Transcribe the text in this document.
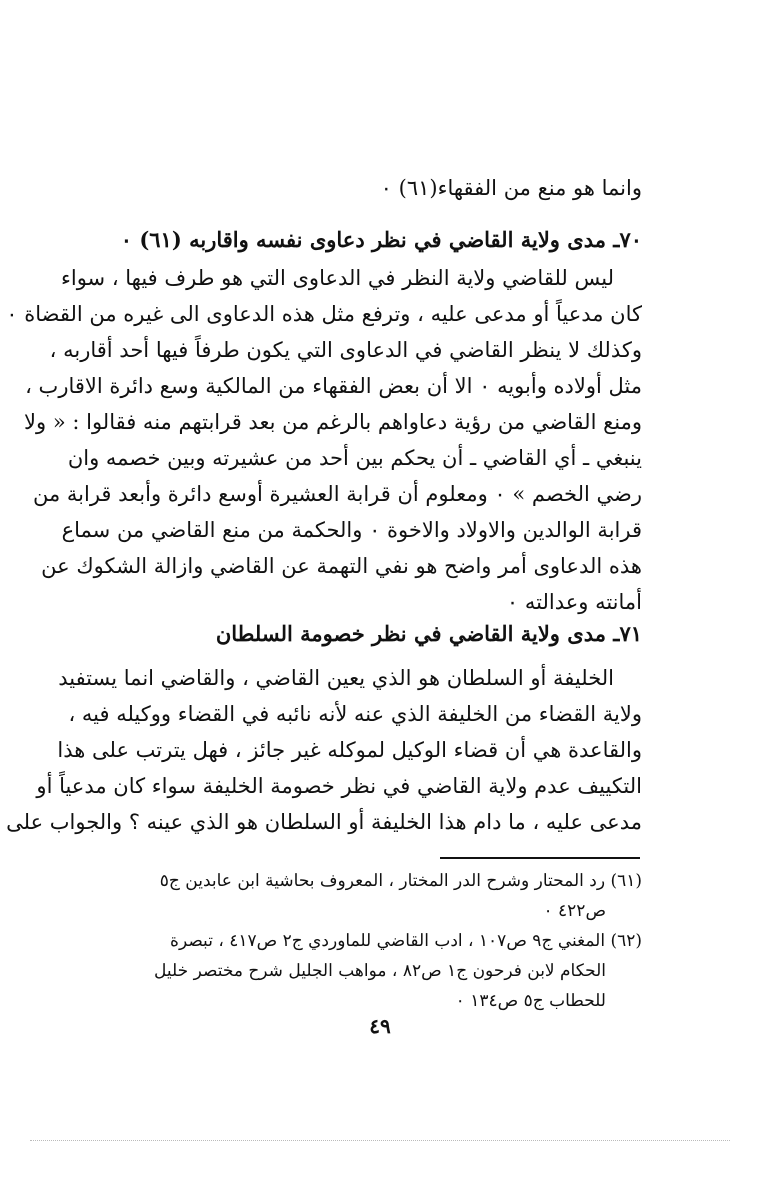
وانما هو منع من الفقهاء(٦١) ٠
٧٠ـ مدى ولاية القاضي في نظر دعاوى نفسه واقاربه (٦١) ٠
ليس للقاضي ولاية النظر في الدعاوى التي هو طرف فيها ، سواء
كان مدعياً أو مدعى عليه ، وترفع مثل هذه الدعاوى الى غيره من القضاة ٠
وكذلك لا ينظر القاضي في الدعاوى التي يكون طرفاً فيها أحد أقاربه ،
مثل أولاده وأبويه ٠ الا أن بعض الفقهاء من المالكية وسع دائرة الاقارب ،
ومنع القاضي من رؤية دعاواهم بالرغم من بعد قرابتهم منه فقالوا : « ولا
ينبغي ـ أي القاضي ـ أن يحكم بين أحد من عشيرته وبين خصمه وان
رضي الخصم » ٠ ومعلوم أن قرابة العشيرة أوسع دائرة وأبعد قرابة من
قرابة الوالدين والاولاد والاخوة ٠ والحكمة من منع القاضي من سماع
هذه الدعاوى أمر واضح هو نفي التهمة عن القاضي وازالة الشكوك عن
أمانته وعدالته ٠
٧١ـ مدى ولاية القاضي في نظر خصومة السلطان
الخليفة أو السلطان هو الذي يعين القاضي ، والقاضي انما يستفيد
ولاية القضاء من الخليفة الذي عنه لأنه نائبه في القضاء ووكيله فيه ،
والقاعدة هي أن قضاء الوكيل لموكله غير جائز ، فهل يترتب على هذا
التكييف عدم ولاية القاضي في نظر خصومة الخليفة سواء كان مدعياً أو
مدعى عليه ، ما دام هذا الخليفة أو السلطان هو الذي عينه ؟ والجواب على
(٦١) رد المحتار وشرح الدر المختار ، المعروف بحاشية ابن عابدين ج٥
ص٤٢٢ ٠
(٦٢) المغني ج٩ ص١٠٧ ، ادب القاضي للماوردي ج٢ ص٤١٧ ، تبصرة
الحكام لابن فرحون ج١ ص٨٢ ، مواهب الجليل شرح مختصر خليل
للحطاب ج٥ ص١٣٤ ٠
٤٩
